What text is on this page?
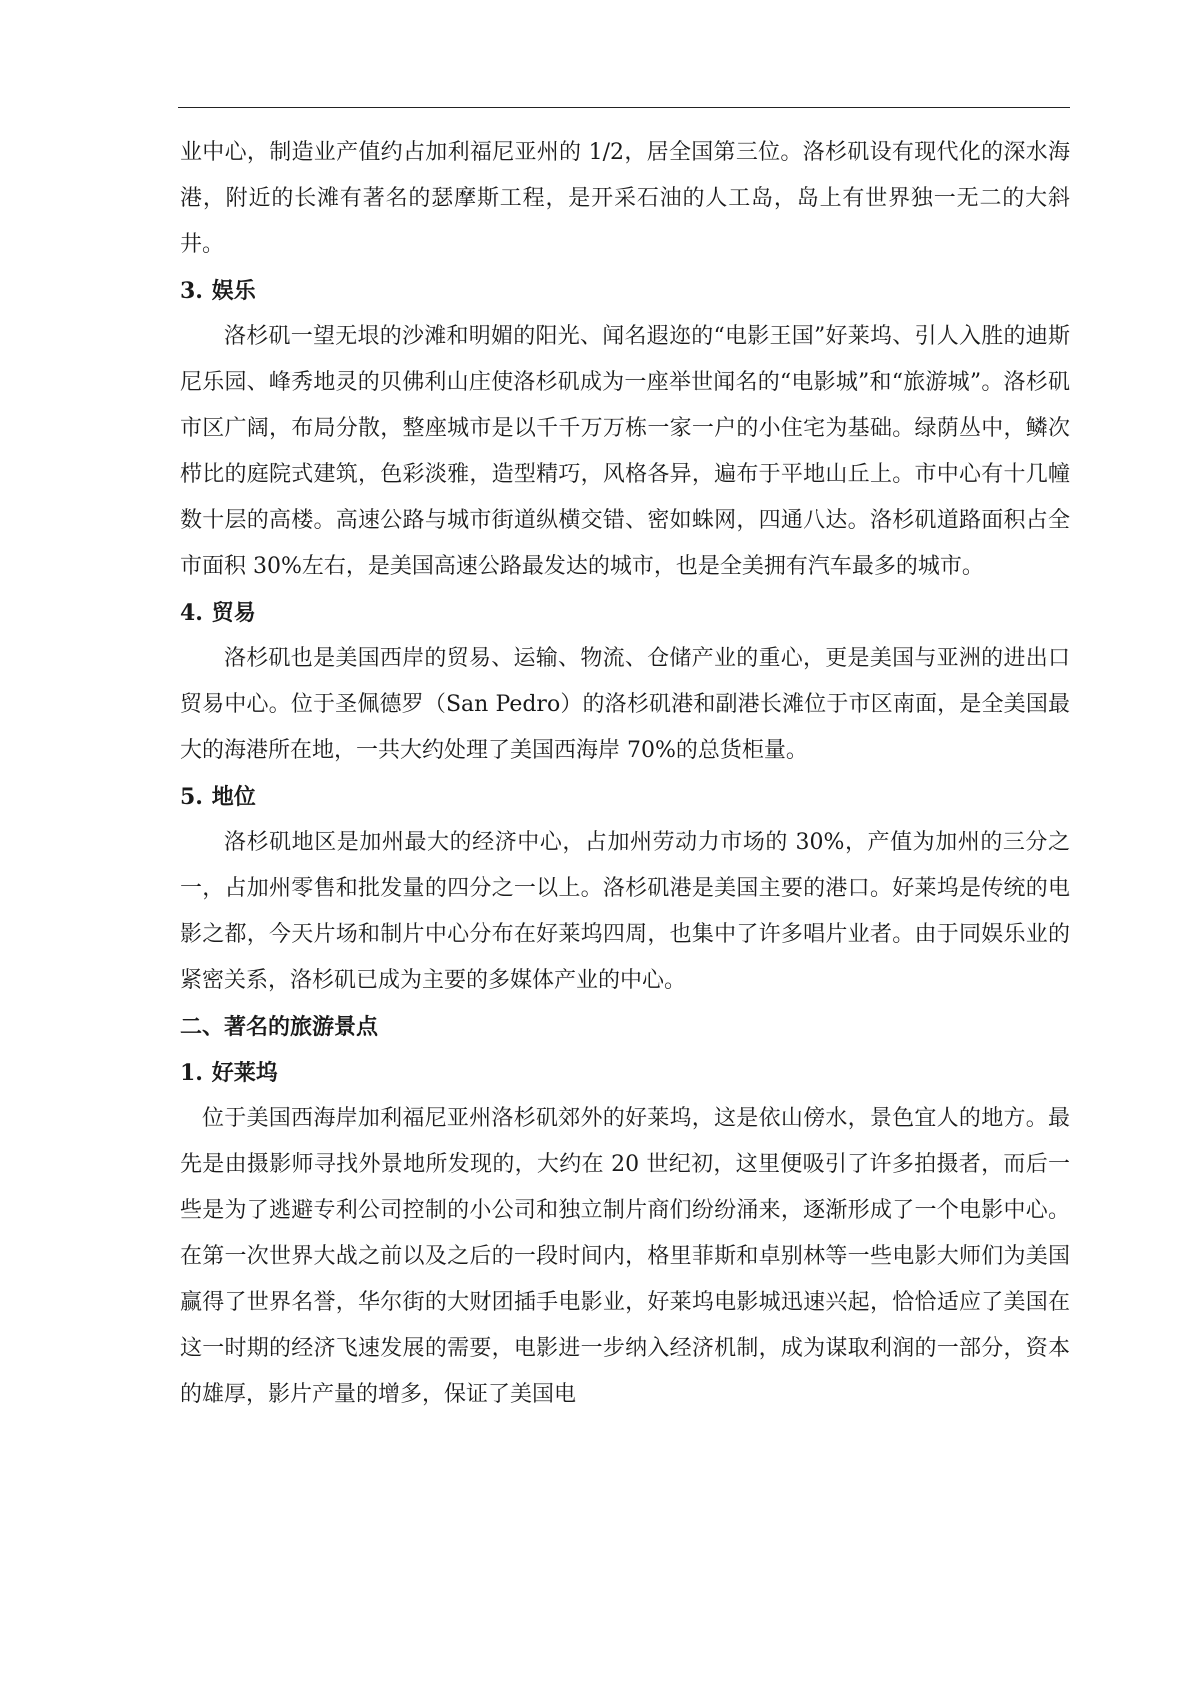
业中心，制造业产值约占加利福尼亚州的 1/2，居全国第三位。洛杉矶设有现代化的深水海港，附近的长滩有著名的瑟摩斯工程，是开采石油的人工岛，岛上有世界独一无二的大斜井。

3. 娱乐

洛杉矶一望无垠的沙滩和明媚的阳光、闻名遐迩的“电影王国”好莱坞、引人入胜的迪斯尼乐园、峰秀地灵的贝佛利山庄使洛杉矶成为一座举世闻名的“电影城”和“旅游城”。洛杉矶市区广阔，布局分散，整座城市是以千千万万栋一家一户的小住宅为基础。绿荫丛中，鳞次栉比的庭院式建筑，色彩淡雅，造型精巧，风格各异，遍布于平地山丘上。市中心有十几幢数十层的高楼。高速公路与城市街道纵横交错、密如蛛网，四通八达。洛杉矶道路面积占全市面积 30%左右，是美国高速公路最发达的城市，也是全美拥有汽车最多的城市。

4. 贸易

洛杉矶也是美国西岸的贸易、运输、物流、仓储产业的重心，更是美国与亚洲的进出口贸易中心。位于圣佩德罗（San Pedro）的洛杉矶港和副港长滩位于市区南面，是全美国最大的海港所在地，一共大约处理了美国西海岸 70%的总货柜量。

5. 地位

洛杉矶地区是加州最大的经济中心，占加州劳动力市场的 30%，产值为加州的三分之一，占加州零售和批发量的四分之一以上。洛杉矶港是美国主要的港口。好莱坞是传统的电影之都，今天片场和制片中心分布在好莱坞四周，也集中了许多唱片业者。由于同娱乐业的紧密关系，洛杉矶已成为主要的多媒体产业的中心。

二、著名的旅游景点

1. 好莱坞

位于美国西海岸加利福尼亚州洛杉矶郊外的好莱坞，这是依山傍水，景色宜人的地方。最先是由摄影师寻找外景地所发现的，大约在 20 世纪初，这里便吸引了许多拍摄者，而后一些是为了逃避专利公司控制的小公司和独立制片商们纷纷涌来，逐渐形成了一个电影中心。在第一次世界大战之前以及之后的一段时间内，格里菲斯和卓别林等一些电影大师们为美国赢得了世界名誉，华尔街的大财团插手电影业，好莱坞电影城迅速兴起，恰恰适应了美国在这一时期的经济飞速发展的需要，电影进一步纳入经济机制，成为谋取利润的一部分，资本的雄厚，影片产量的增多，保证了美国电
